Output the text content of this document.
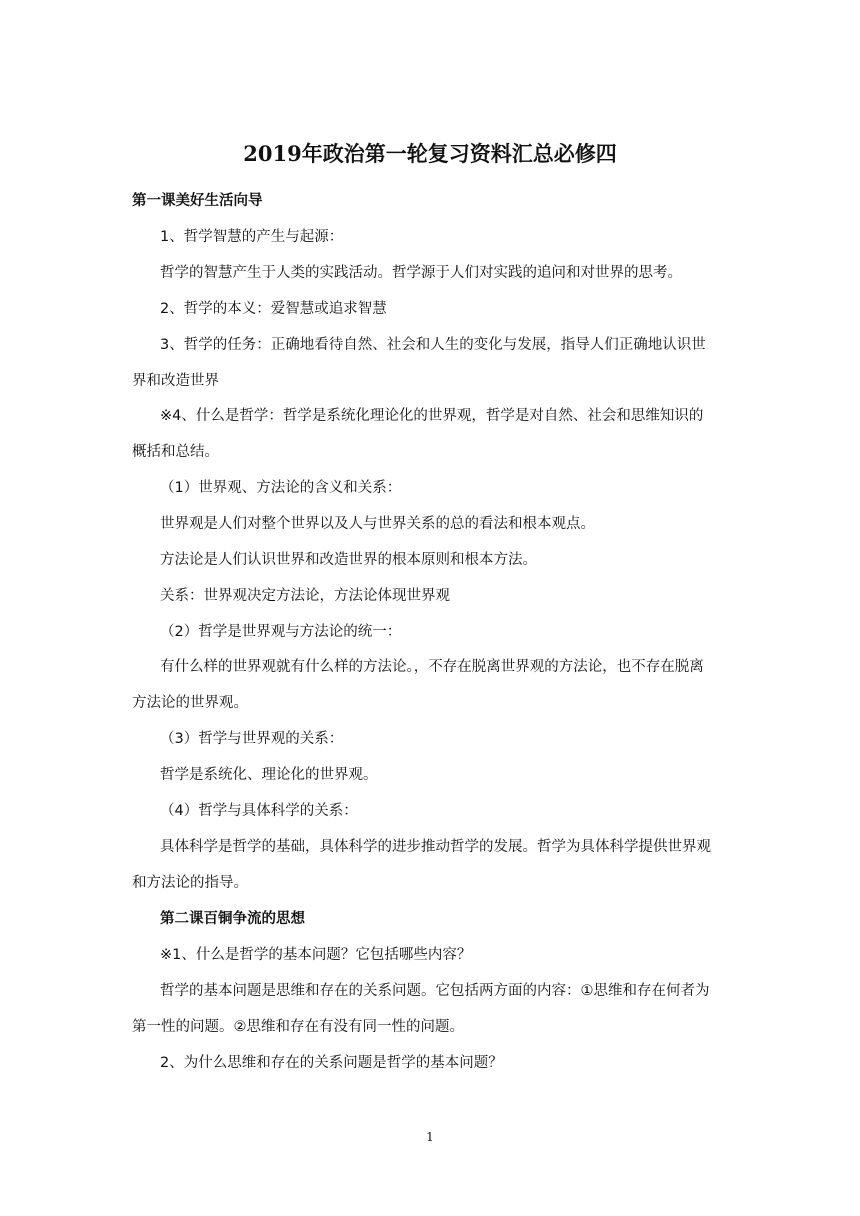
2019年政治第一轮复习资料汇总必修四
第一课美好生活向导
1、哲学智慧的产生与起源：
哲学的智慧产生于人类的实践活动。哲学源于人们对实践的追问和对世界的思考。
2、哲学的本义：爱智慧或追求智慧
3、哲学的任务：正确地看待自然、社会和人生的变化与发展，指导人们正确地认识世
界和改造世界
※4、什么是哲学：哲学是系统化理论化的世界观，哲学是对自然、社会和思维知识的
概括和总结。
（1）世界观、方法论的含义和关系：
世界观是人们对整个世界以及人与世界关系的总的看法和根本观点。
方法论是人们认识世界和改造世界的根本原则和根本方法。
关系：世界观决定方法论，方法论体现世界观
（2）哲学是世界观与方法论的统一：
有什么样的世界观就有什么样的方法论。，不存在脱离世界观的方法论，也不存在脱离
方法论的世界观。
（3）哲学与世界观的关系：
哲学是系统化、理论化的世界观。
（4）哲学与具体科学的关系：
具体科学是哲学的基础，具体科学的进步推动哲学的发展。哲学为具体科学提供世界观
和方法论的指导。
第二课百铜争流的思想
※1、什么是哲学的基本问题？它包括哪些内容？
哲学的基本问题是思维和存在的关系问题。它包括两方面的内容：①思维和存在何者为
第一性的问题。②思维和存在有没有同一性的问题。
2、为什么思维和存在的关系问题是哲学的基本问题？
1
